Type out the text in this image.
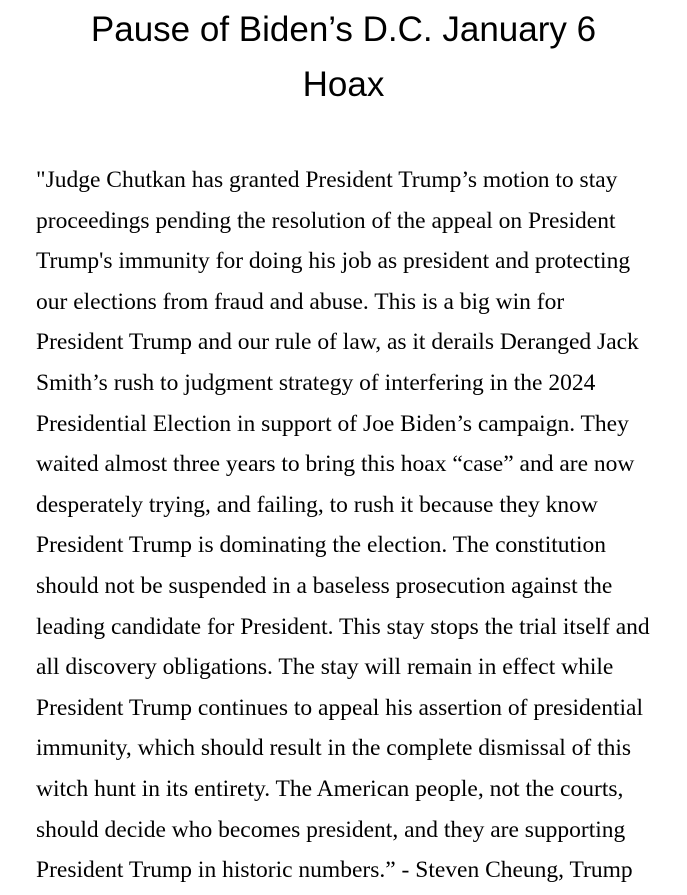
Pause of Biden’s D.C. January 6
Hoax
"Judge Chutkan has granted President Trump’s motion to stay
proceedings pending the resolution of the appeal on President
Trump's immunity for doing his job as president and protecting
our elections from fraud and abuse. This is a big win for
President Trump and our rule of law, as it derails Deranged Jack
Smith’s rush to judgment strategy of interfering in the 2024
Presidential Election in support of Joe Biden’s campaign. They
waited almost three years to bring this hoax “case” and are now
desperately trying, and failing, to rush it because they know
President Trump is dominating the election. The constitution
should not be suspended in a baseless prosecution against the
leading candidate for President. This stay stops the trial itself and
all discovery obligations. The stay will remain in effect while
President Trump continues to appeal his assertion of presidential
immunity, which should result in the complete dismissal of this
witch hunt in its entirety. The American people, not the courts,
should decide who becomes president, and they are supporting
President Trump in historic numbers.” - Steven Cheung, Trump
